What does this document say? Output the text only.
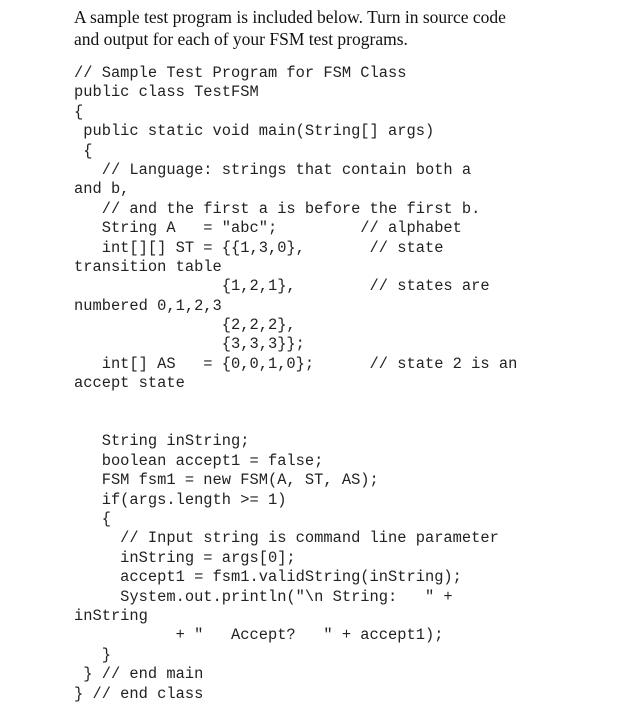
A sample test program is included below. Turn in source code
and output for each of your FSM test programs.
// Sample Test Program for FSM Class
public class TestFSM
{
public static void main(String[] args)
{
// Language: strings that contain both a
and b,
// and the first a is before the first b.
String A   = "abc";         // alphabet
int[][] ST = {{1,3,0},       // state
transition table
{1,2,1},        // states are
numbered 0,1,2,3
{2,2,2},
{3,3,3}};
int[] AS   = {0,0,1,0};      // state 2 is an
accept state
String inString;
boolean accept1 = false;
FSM fsm1 = new FSM(A, ST, AS);
if(args.length >= 1)
{
// Input string is command line parameter
inString = args[0];
accept1 = fsm1.validString(inString);
System.out.println("\n String:   " +
inString
+ "   Accept?   " + accept1);
}
} // end main
} // end class
